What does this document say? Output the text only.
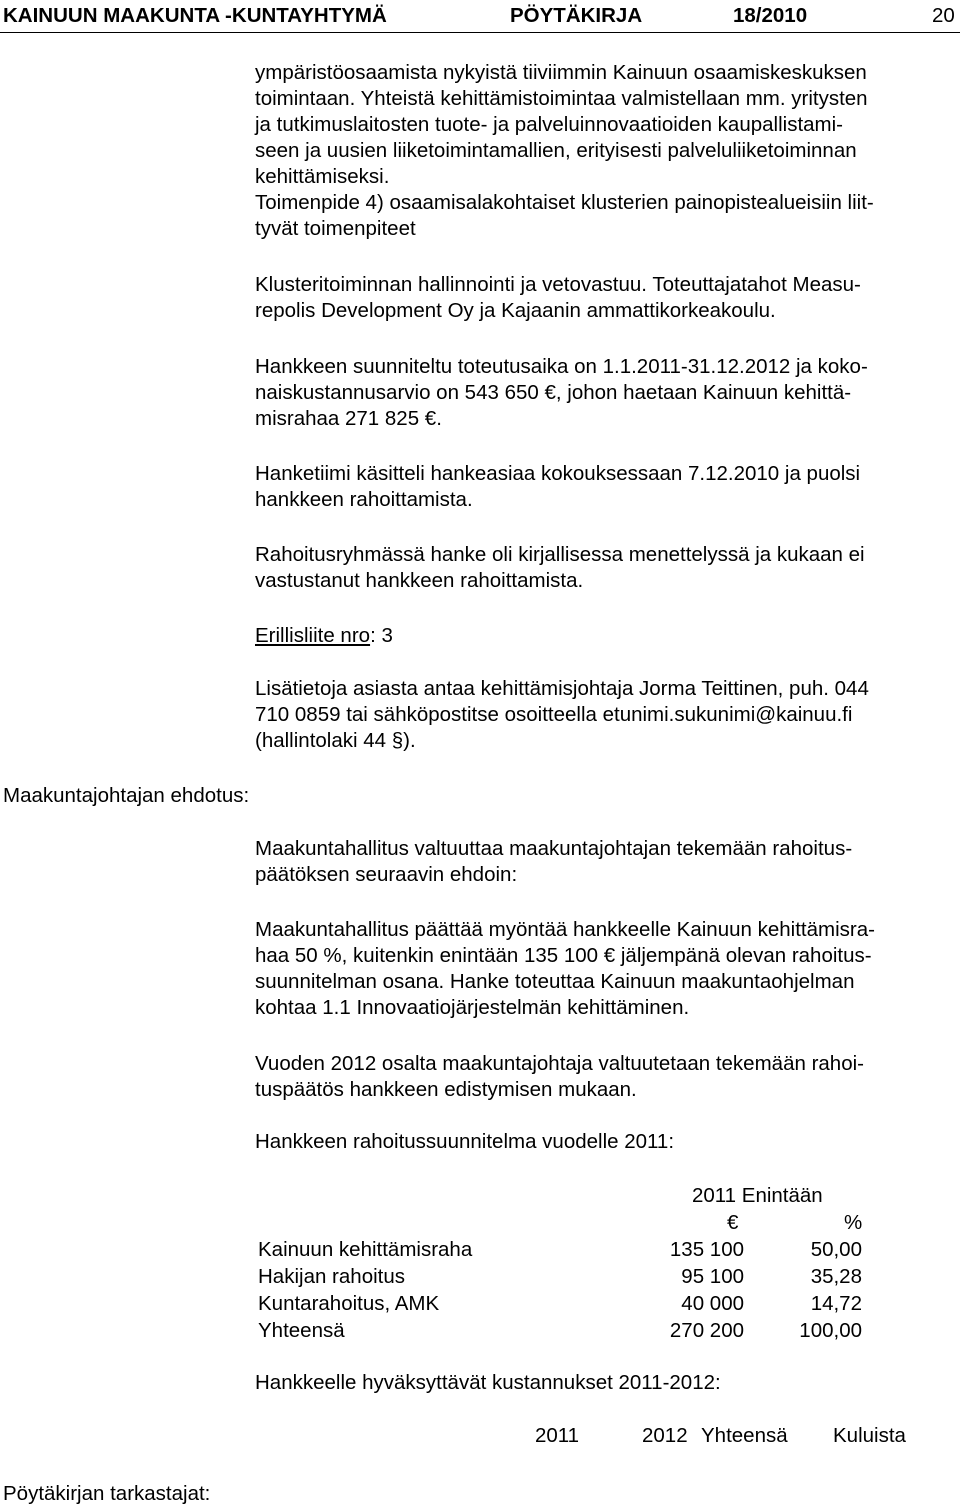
KAINUUN MAAKUNTA -KUNTAYHTYMÄ	PÖYTÄKIRJA	18/2010	20
ympäristöosaamista nykyistä tiiviimmin Kainuun osaamiskeskuksen
toimintaan. Yhteistä kehittämistoimintaa valmistellaan mm. yritysten
ja tutkimuslaitosten tuote- ja palveluinnovaatioiden kaupallistami-
seen ja uusien liiketoimintamallien, erityisesti palveluliiketoiminnan
kehittämiseksi.
Toimenpide 4) osaamisalakohtaiset klusterien painopistealueisiin liit-
tyvät toimenpiteet
Klusteritoiminnan hallinnointi ja vetovastuu. Toteuttajatahot Measu-
repolis Development Oy ja Kajaanin ammattikorkeakoulu.
Hankkeen suunniteltu toteutusaika on 1.1.2011-31.12.2012 ja koko-
naiskustannusarvio on 543 650 €, johon haetaan Kainuun kehittä-
misrahaa 271 825 €.
Hanketiimi käsitteli hankeasiaa kokouksessaan 7.12.2010 ja puolsi
hankkeen rahoittamista.
Rahoitusryhmässä hanke oli kirjallisessa menettelyssä ja kukaan ei
vastustanut hankkeen rahoittamista.
Erillisliite nro: 3
Lisätietoja asiasta antaa kehittämisjohtaja Jorma Teittinen, puh. 044
710 0859 tai sähköpostitse osoitteella etunimi.sukunimi@kainuu.fi
(hallintolaki 44 §).
Maakuntajohtajan ehdotus:
Maakuntahallitus valtuuttaa maakuntajohtajan tekemään rahoitus-
päätöksen seuraavin ehdoin:
Maakuntahallitus päättää myöntää hankkeelle Kainuun kehittämisra-
haa 50 %, kuitenkin enintään 135 100 € jäljempänä olevan rahoitus-
suunnitelman osana. Hanke toteuttaa Kainuun maakuntaohjelman
kohtaa 1.1 Innovaatiojärjestelmän kehittäminen.
Vuoden 2012 osalta maakuntajohtaja valtuutetaan tekemään rahoi-
tuspäätös hankkeen edistymisen mukaan.
Hankkeen rahoitussuunnitelma vuodelle 2011:
2011 Enintään
€	%
Kainuun kehittämisraha	135 100	50,00
Hakijan rahoitus	95 100	35,28
Kuntarahoitus, AMK	40 000	14,72
Yhteensä	270 200	100,00
Hankkeelle hyväksyttävät kustannukset 2011-2012:
2011	2012 Yhteensä Kuluista
Pöytäkirjan tarkastajat:
